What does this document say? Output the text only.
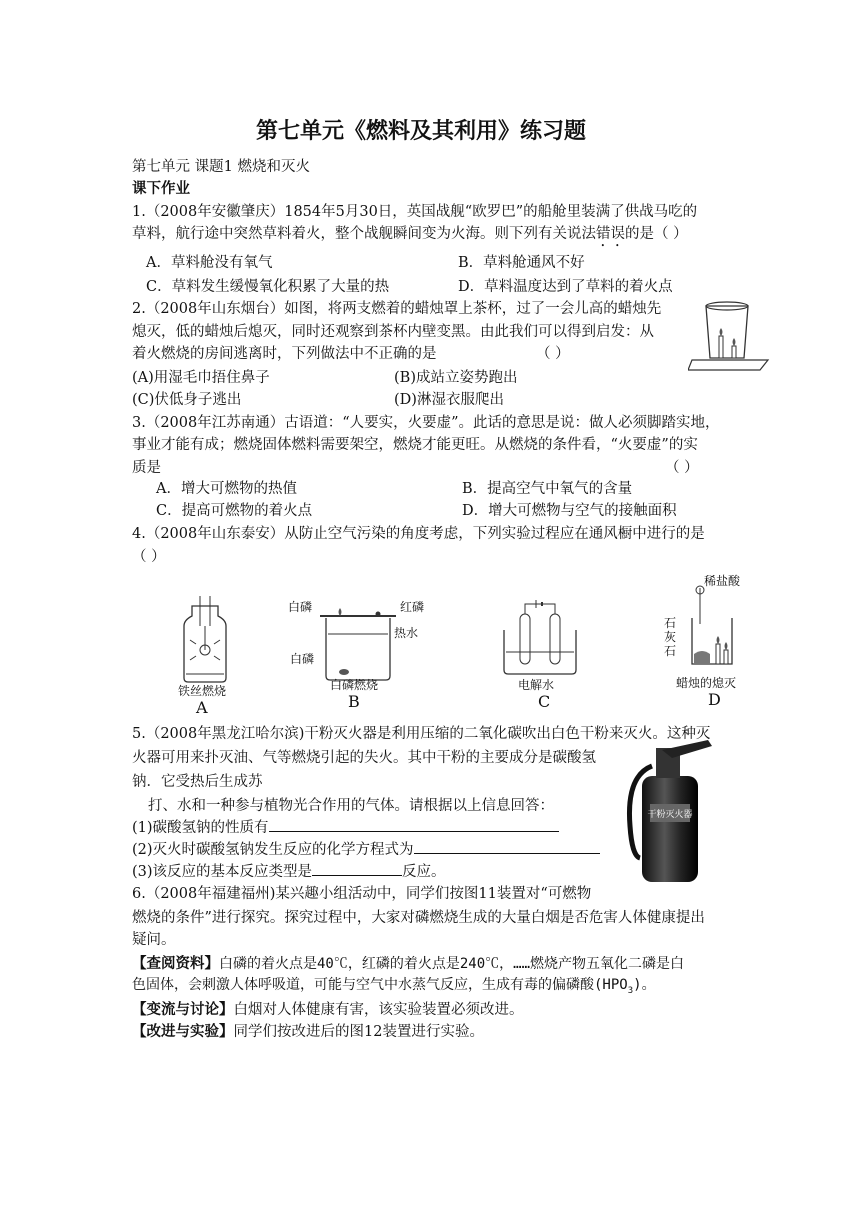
第七单元《燃料及其利用》练习题
第七单元 课题1 燃烧和灭火
课下作业
1.（2008年安徽肇庆）1854年5月30日，英国战舰“欧罗巴”的船舱里装满了供战马吃的
草料，航行途中突然草料着火，整个战舰瞬间变为火海。则下列有关说法错误的是（ ）
A．草料舱没有氧气	B．草料舱通风不好
C．草料发生缓慢氧化积累了大量的热	D．草料温度达到了草料的着火点
2.（2008年山东烟台）如图，将两支燃着的蜡烛罩上茶杯，过了一会儿高的蜡烛先
熄灭，低的蜡烛后熄灭，同时还观察到茶杯内壁变黑。由此我们可以得到启发：从
着火燃烧的房间逃离时，下列做法中不正确的是	（ ）
(A)用湿毛巾捂住鼻子	(B)成站立姿势跑出
(C)伏低身子逃出	(D)淋湿衣服爬出
3.（2008年江苏南通）古语道：“人要实，火要虚”。此话的意思是说：做人必须脚踏实地，
事业才能有成；燃烧固体燃料需要架空，燃烧才能更旺。从燃烧的条件看，“火要虚”的实
质是	（ ）
A．增大可燃物的热值	B．提高空气中氧气的含量
C．提高可燃物的着火点	D．增大可燃物与空气的接触面积
4.（2008年山东泰安）从防止空气污染的角度考虑，下列实验过程应在通风橱中进行的是
（ ）
铁丝燃烧
A
白磷	红磷
热水
白磷
白磷燃烧
B
电解水
C
稀盐酸
石
灰
石
蜡烛的熄灭
D
5.（2008年黑龙江哈尔滨)干粉灭火器是利用压缩的二氧化碳吹出白色干粉来灭火。这种灭
火器可用来扑灭油、气等燃烧引起的失火。其中干粉的主要成分是碳酸氢
钠．它受热后生成苏
打、水和一种参与植物光合作用的气体。请根据以上信息回答：
(1)碳酸氢钠的性质有
(2)灭火时碳酸氢钠发生反应的化学方程式为
(3)该反应的基本反应类型是	反应。
干粉灭火器
6.（2008年福建福州)某兴趣小组活动中，同学们按图11装置对“可燃物
燃烧的条件”进行探究。探究过程中，大家对磷燃烧生成的大量白烟是否危害人体健康提出
疑问。
【查阅资料】白磷的着火点是40℃，红磷的着火点是240℃，……燃烧产物五氧化二磷是白
色固体，会刺激人体呼吸道，可能与空气中水蒸气反应，生成有毒的偏磷酸$(HPO_3)$。
【变流与讨论】白烟对人体健康有害，该实验装置必须改进。
【改进与实验】同学们按改进后的图12装置进行实验。
